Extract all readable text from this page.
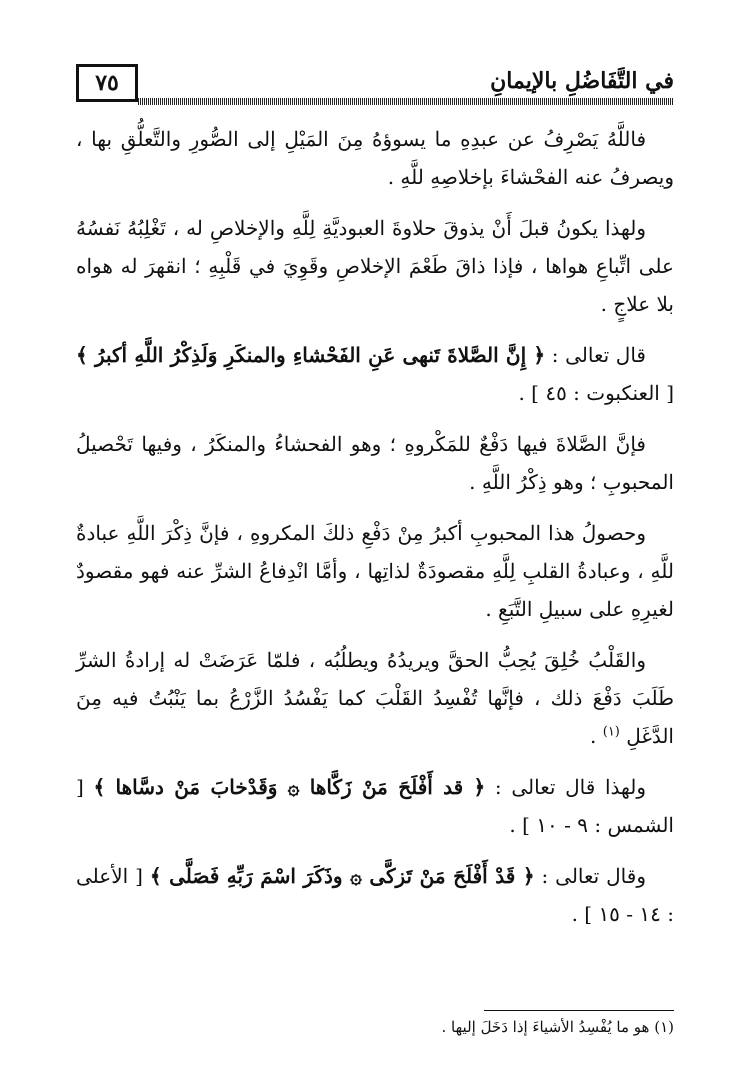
٧٥	في التَّفَاضُلِ بالإيمانِ

فاللَّهُ يَصْرِفُ عن عبدِهِ ما يسوؤهُ مِنَ المَيْلِ إلى الصُّورِ والتَّعلُّقِ بها ، ويصرفُ عنه الفحْشاءَ بإخلاصِهِ للَّهِ .

ولهذا يكونُ قبلَ أَنْ يذوقَ حلاوةَ العبوديَّةِ لِلَّهِ والإخلاصِ له ، تَغْلِبُهُ نَفسُهُ على اتِّباعِ هواها ، فإذا ذاقَ طَعْمَ الإخلاصِ وقَوِيَ في قَلْبِهِ ؛ انقهرَ له هواه بلا علاجٍ .

قال تعالى : ﴿ إِنَّ الصَّلاةَ تَنهى عَنِ الفَحْشاءِ والمنكَرِ وَلَذِكْرُ اللَّهِ أكبرُ ﴾ [ العنكبوت : ٤٥ ] .

فإنَّ الصَّلاةَ فيها دَفْعٌ للمَكْروهِ ؛ وهو الفحشاءُ والمنكَرُ ، وفيها تَحْصيلُ المحبوبِ ؛ وهو ذِكْرُ اللَّهِ .

وحصولُ هذا المحبوبِ أكبرُ مِنْ دَفْعِ ذلكَ المكروهِ ، فإنَّ ذِكْرَ اللَّهِ عبادةٌ للَّهِ ، وعبادةُ القلبِ لِلَّهِ مقصودَةٌ لذاتِها ، وأمَّا انْدِفاعُ الشرِّ عنه فهو مقصودٌ لغيرِهِ على سبيلِ التَّبَعِ .

والقَلْبُ خُلِقَ يُحِبُّ الحقَّ ويريدُهُ ويطلُبُه ، فلمّا عَرَضَتْ له إرادةُ الشرِّ طَلَبَ دَفْعَ ذلك ، فإنَّها تُفْسِدُ القَلْبَ كما يَفْسُدُ الزَّرْعُ بما يَنْبُتُ فيه مِنَ الدَّغَلِ $^{(١)}$ .

ولهذا قال تعالى : ﴿ قد أَفْلَحَ مَنْ زَكَّاها ۞ وَقَدْخابَ مَنْ دسَّاها ﴾ [ الشمس : ٩ - ١٠ ] .

وقال تعالى : ﴿ قَدْ أَفْلَحَ مَنْ تَزكَّى ۞ وذَكَرَ اسْمَ رَبِّهِ فَصَلَّى ﴾ [ الأعلى : ١٤ - ١٥ ] .

(١) هو ما يُفْسِدُ الأشياءَ إذا دَخَلَ إليها .
